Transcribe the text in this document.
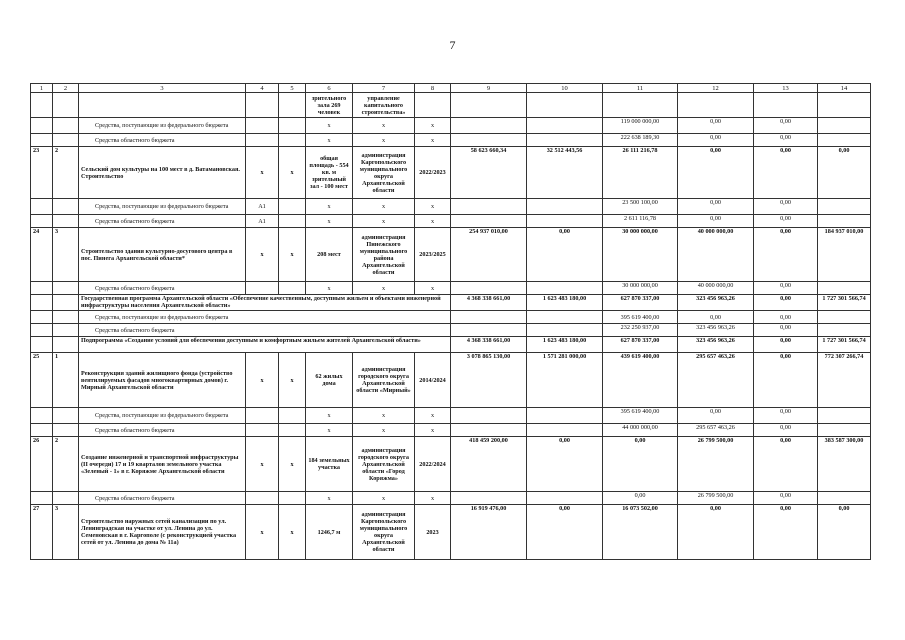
7
1	2	3	4	5	6	7	8	9	10	11	12	13	14
					зрительного зала 269 человек	управление капитального строительства»							
		Средства, поступающие из федерального бюджета			x	x	x			119 000 000,00	0,00	0,00	
		Средства областного бюджета			x	x	x			222 638 189,30	0,00	0,00	
23	2	Сельский дом культуры на 100 мест в д. Ватамановская. Строительство	x	x	общая площадь - 554 кв. м зрительный зал - 100 мест	администрация Каргопольского муниципального округа Архангельской области	2022/2023	58 623 660,34	32 512 443,56	26 111 216,78	0,00	0,00	0,00
		Средства, поступающие из федерального бюджета	А1		x	x	x			23 500 100,00	0,00	0,00	
		Средства областного бюджета	А1		x	x	x			2 611 116,78	0,00	0,00	
24	3	Строительство здания культурно-досугового центра в пос. Пинега Архангельской области*	x	x	208 мест	администрация Пинежского муниципального района Архангельской области	2023/2025	254 937 010,00	0,00	30 000 000,00	40 000 000,00	0,00	184 937 010,00
		Средства областного бюджета			x	x	x			30 000 000,00	40 000 000,00	0,00	
		Государственная программа Архангельской области «Обеспечение качественным, доступным жильем и объектами инженерной инфраструктуры населения Архангельской области»						4 368 338 661,00	1 623 483 180,00	627 870 337,00	323 456 963,26	0,00	1 727 301 566,74
		Средства, поступающие из федерального бюджета								395 619 400,00	0,00	0,00	
		Средства областного бюджета								232 250 937,00	323 456 963,26	0,00	
		Подпрограмма «Создание условий для обеспечения доступным и комфортным жильем жителей Архангельской области»						4 368 338 661,00	1 623 483 180,00	627 870 337,00	323 456 963,26	0,00	1 727 301 566,74
25	1	Реконструкция зданий жилищного фонда (устройство вентилируемых фасадов многоквартирных домов) г. Мирный Архангельской области	x	x	62 жилых дома	администрация городского округа Архангельской области «Мирный»	2014/2024	3 078 865 130,00	1 571 281 000,00	439 619 400,00	295 657 463,26	0,00	772 307 266,74
		Средства, поступающие из федерального бюджета			x	x	x			395 619 400,00	0,00	0,00	
		Средства областного бюджета			x	x	x			44 000 000,00	295 657 463,26	0,00	
26	2	Создание инженерной и транспортной инфраструктуры (II очереди) 17 и 19 кварталов земельного участка «Зеленый - 1» в г. Коряжме Архангельской области	x	x	184 земельных участка	администрация городского округа Архангельской области «Город Коряжма»	2022/2024	418 459 200,00	0,00	0,00	26 799 500,00	0,00	383 587 300,00
		Средства областного бюджета			x	x	x			0,00	26 799 500,00	0,00	
27	3	Строительство наружных сетей канализации по ул. Ленинградская на участке от ул. Ленина до ул. Семеновская в г. Каргополе (с реконструкцией участка сетей от ул. Ленина до дома № 11а)	x	x	1246,7 м	администрация Каргопольского муниципального округа Архангельской области	2023	16 919 476,00	0,00	16 073 502,00	0,00	0,00	0,00
